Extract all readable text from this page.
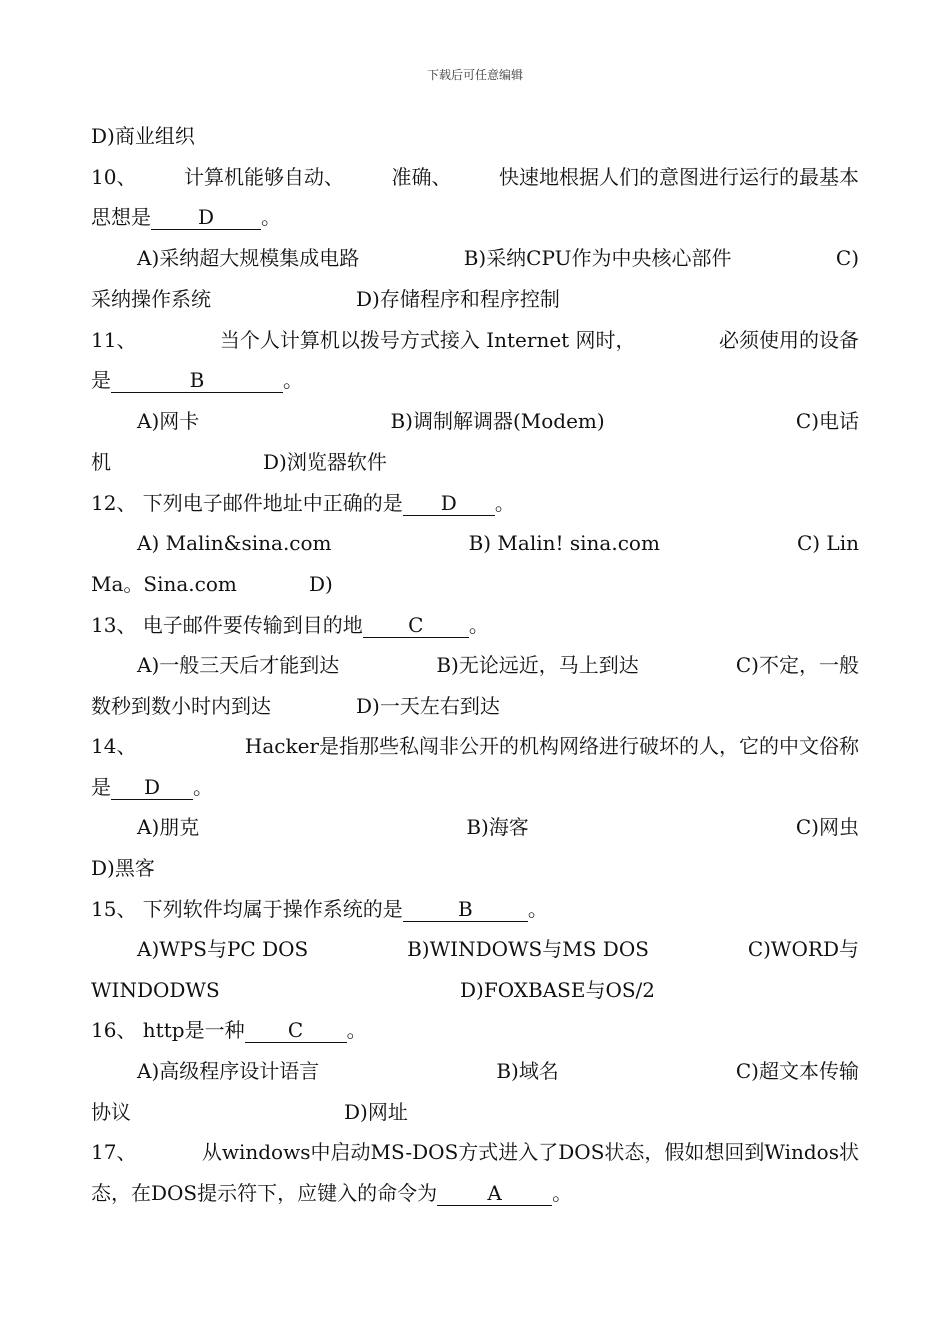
下载后可任意编辑
D)商业组织
10、 计算机能够自动、 准确、 快速地根据人们的意图进行运行的最基本
思想是 D 。
A)采纳超大规模集成电路	B)采纳CPU作为中央核心部件	C)
采纳操作系统	D)存储程序和程序控制
11、	当个人计算机以拨号方式接入 Internet 网时，	必须使用的设备
是	B	。
A)网卡	B)调制解调器(Modem)	C)电话
机	D)浏览器软件
12、 下列电子邮件地址中正确的是 D 。
A) Malin&sina.com	B) Malin! sina.com	C) Lin
Ma。Sina.com	D)
13、 电子邮件要传输到目的地 C 。
A)一般三天后才能到达	B)无论远近，马上到达	C)不定，一般
数秒到数小时内到达	D)一天左右到达
14、	Hacker是指那些私闯非公开的机构网络进行破坏的人，它的中文俗称
是 D 。
A)朋克	B)海客	C)网虫
D)黑客
15、 下列软件均属于操作系统的是	B	。
A)WPS与PC DOS	B)WINDOWS与MS DOS	C)WORD与
WINDODWS	D)FOXBASE与OS/2
16、 http是一种 C 。
A)高级程序设计语言	B)域名	C)超文本传输
协议	D)网址
17、	从windows中启动MS-DOS方式进入了DOS状态，假如想回到Windos状
态，在DOS提示符下，应键入的命令为	A	。
